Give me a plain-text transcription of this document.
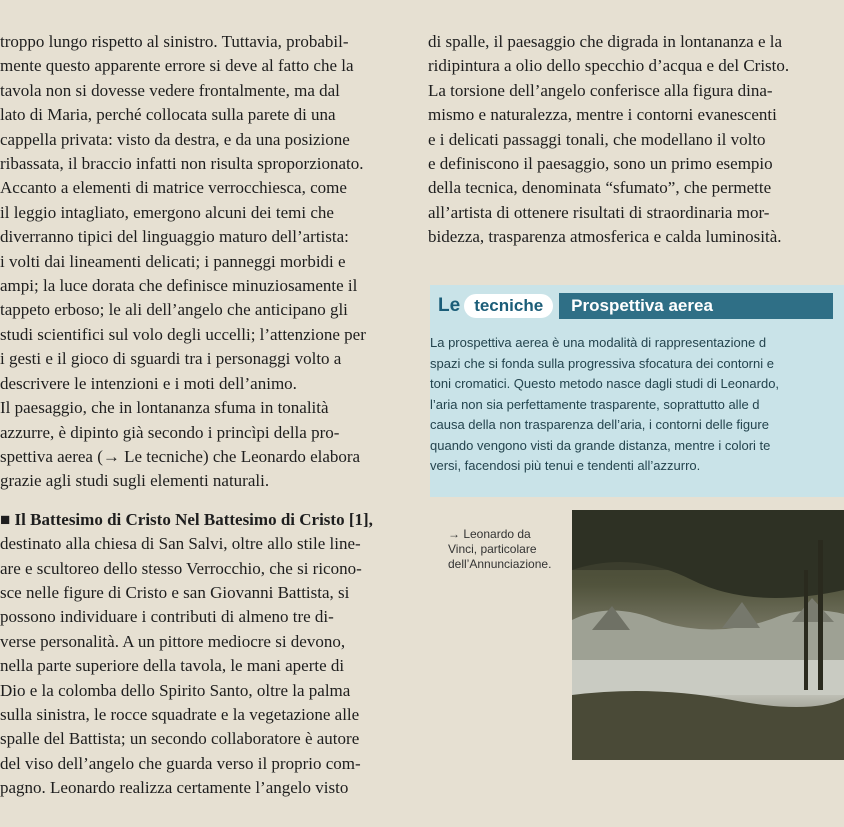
troppo lungo rispetto al sinistro. Tuttavia, probabil-
mente questo apparente errore si deve al fatto che la
tavola non si dovesse vedere frontalmente, ma dal
lato di Maria, perché collocata sulla parete di una
cappella privata: visto da destra, e da una posizione
ribassata, il braccio infatti non risulta sproporzionato.
Accanto a elementi di matrice verrocchiesca, come
il leggio intagliato, emergono alcuni dei temi che
diverranno tipici del linguaggio maturo dell’artista:
i volti dai lineamenti delicati; i panneggi morbidi e
ampi; la luce dorata che definisce minuziosamente il
tappeto erboso; le ali dell’angelo che anticipano gli
studi scientifici sul volo degli uccelli; l’attenzione per
i gesti e il gioco di sguardi tra i personaggi volto a
descrivere le intenzioni e i moti dell’animo.
Il paesaggio, che in lontananza sfuma in tonalità
azzurre, è dipinto già secondo i princìpi della pro-
spettiva aerea (→ Le tecniche) che Leonardo elabora
grazie agli studi sugli elementi naturali.
■ Il Battesimo di Cristo Nel Battesimo di Cristo [1],
destinato alla chiesa di San Salvi, oltre allo stile line-
are e scultoreo dello stesso Verrocchio, che si ricono-
sce nelle figure di Cristo e san Giovanni Battista, si
possono individuare i contributi di almeno tre di-
verse personalità. A un pittore mediocre si devono,
nella parte superiore della tavola, le mani aperte di
Dio e la colomba dello Spirito Santo, oltre la palma
sulla sinistra, le rocce squadrate e la vegetazione alle
spalle del Battista; un secondo collaboratore è autore
del viso dell’angelo che guarda verso il proprio com-
pagno. Leonardo realizza certamente l’angelo visto
di spalle, il paesaggio che digrada in lontananza e la
ridipintura a olio dello specchio d’acqua e del Cristo.
La torsione dell’angelo conferisce alla figura dina-
mismo e naturalezza, mentre i contorni evanescenti
e i delicati passaggi tonali, che modellano il volto
e definiscono il paesaggio, sono un primo esempio
della tecnica, denominata “sfumato”, che permette
all’artista di ottenere risultati di straordinaria mor-
bidezza, trasparenza atmosferica e calda luminosità.
Le tecniche	Prospettiva aerea
La prospettiva aerea è una modalità di rappresentazione d
spazi che si fonda sulla progressiva sfocatura dei contorni e
toni cromatici. Questo metodo nasce dagli studi di Leonardo,
l’aria non sia perfettamente trasparente, soprattutto alle d
causa della non trasparenza dell’aria, i contorni delle figure
quando vengono visti da grande distanza, mentre i colori te
versi, facendosi più tenui e tendenti all’azzurro.
→ Leonardo da
Vinci, particolare
dell’Annunciazione.
